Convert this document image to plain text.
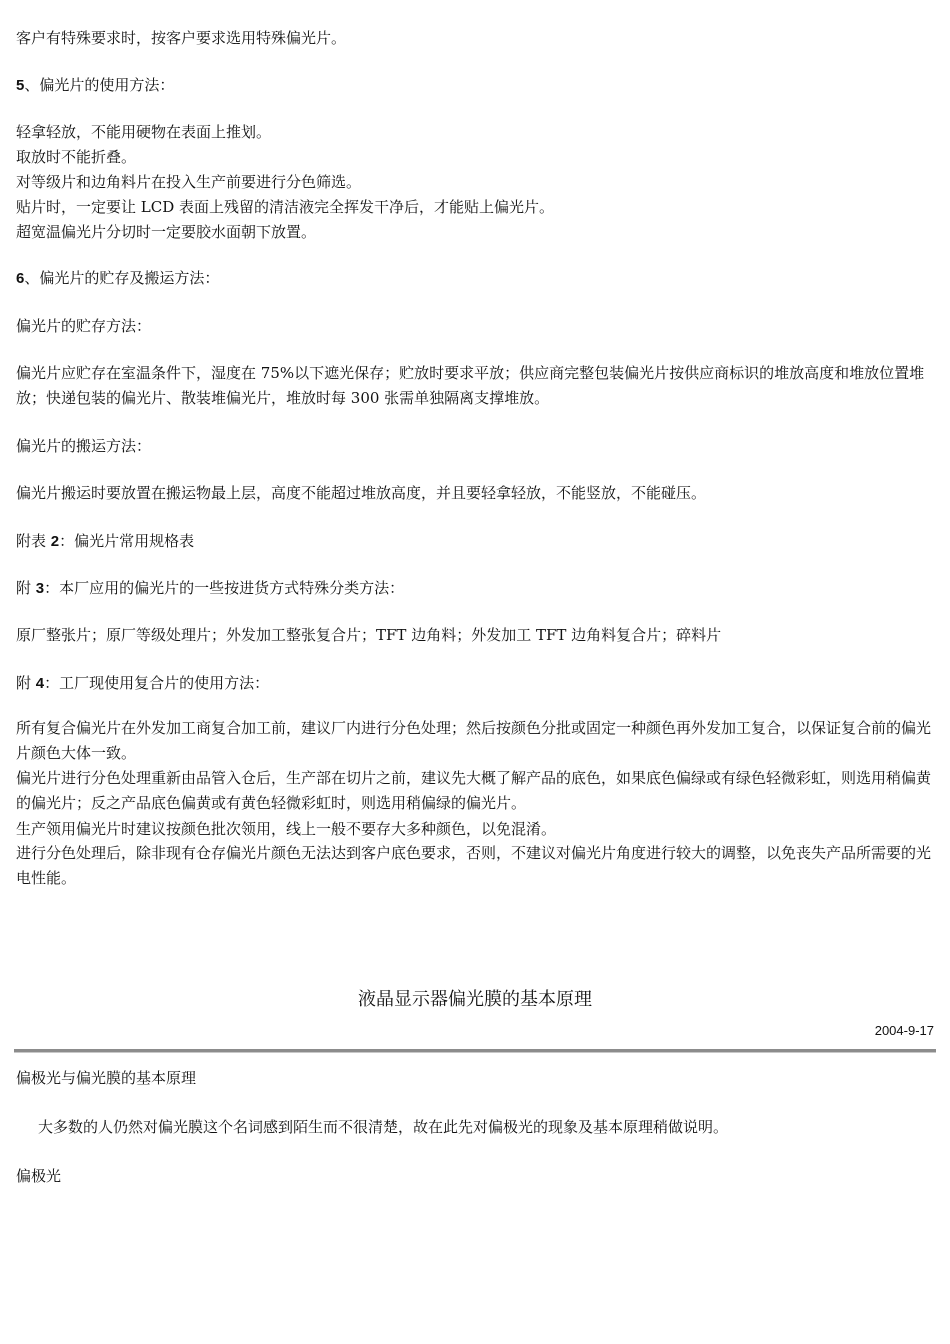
客户有特殊要求时，按客户要求选用特殊偏光片。
5、偏光片的使用方法：
轻拿轻放，不能用硬物在表面上推划。
取放时不能折叠。
对等级片和边角料片在投入生产前要进行分色筛选。
贴片时，一定要让 LCD 表面上残留的清洁液完全挥发干净后，才能贴上偏光片。
超宽温偏光片分切时一定要胶水面朝下放置。
6、偏光片的贮存及搬运方法：
偏光片的贮存方法：
偏光片应贮存在室温条件下，湿度在 75%以下遮光保存；贮放时要求平放；供应商完整包装偏光片按供应商标识的堆放高度和堆放位置堆放；快递包装的偏光片、散装堆偏光片，堆放时每 300 张需单独隔离支撑堆放。
偏光片的搬运方法：
偏光片搬运时要放置在搬运物最上层，高度不能超过堆放高度，并且要轻拿轻放，不能竖放，不能碰压。
附表 2：偏光片常用规格表
附 3：本厂应用的偏光片的一些按进货方式特殊分类方法：
原厂整张片；原厂等级处理片；外发加工整张复合片；TFT 边角料；外发加工 TFT 边角料复合片；碎料片
附 4：工厂现使用复合片的使用方法：
所有复合偏光片在外发加工商复合加工前，建议厂内进行分色处理；然后按颜色分批或固定一种颜色再外发加工复合，以保证复合前的偏光片颜色大体一致。
偏光片进行分色处理重新由品管入仓后，生产部在切片之前，建议先大概了解产品的底色，如果底色偏绿或有绿色轻微彩虹，则选用稍偏黄的偏光片；反之产品底色偏黄或有黄色轻微彩虹时，则选用稍偏绿的偏光片。
生产领用偏光片时建议按颜色批次领用，线上一般不要存大多种颜色，以免混淆。
进行分色处理后，除非现有仓存偏光片颜色无法达到客户底色要求，否则，不建议对偏光片角度进行较大的调整，以免丧失产品所需要的光电性能。
液晶显示器偏光膜的基本原理
2004-9-17
偏极光与偏光膜的基本原理
大多数的人仍然对偏光膜这个名词感到陌生而不很清楚，故在此先对偏极光的现象及基本原理稍做说明。
偏极光
